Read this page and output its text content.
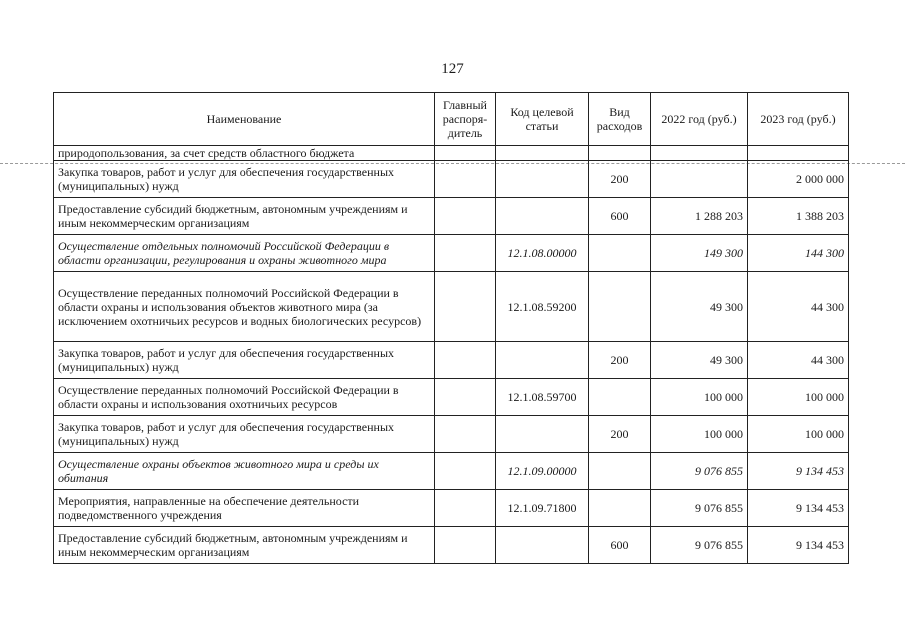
127
Наименование	Главный распоря-дитель	Код целевой статьи	Вид расходов	2022 год (руб.)	2023 год (руб.)
природопользования, за счет средств областного бюджета					
Закупка товаров, работ и услуг для обеспечения государственных (муниципальных) нужд			200		2 000 000
Предоставление субсидий бюджетным, автономным учреждениям и иным некоммерческим организациям			600	1 288 203	1 388 203
Осуществление отдельных полномочий Российской Федерации в области организации, регулирования и охраны животного мира		12.1.08.00000		149 300	144 300
Осуществление переданных полномочий Российской Федерации в области охраны и использования объектов животного мира (за исключением охотничьих ресурсов и водных биологических ресурсов)		12.1.08.59200		49 300	44 300
Закупка товаров, работ и услуг для обеспечения государственных (муниципальных) нужд			200	49 300	44 300
Осуществление переданных полномочий Российской Федерации в области охраны и использования охотничьих ресурсов		12.1.08.59700		100 000	100 000
Закупка товаров, работ и услуг для обеспечения государственных (муниципальных) нужд			200	100 000	100 000
Осуществление охраны объектов животного мира и среды их обитания		12.1.09.00000		9 076 855	9 134 453
Мероприятия, направленные на обеспечение деятельности подведомственного учреждения		12.1.09.71800		9 076 855	9 134 453
Предоставление субсидий бюджетным, автономным учреждениям и иным некоммерческим организациям			600	9 076 855	9 134 453
